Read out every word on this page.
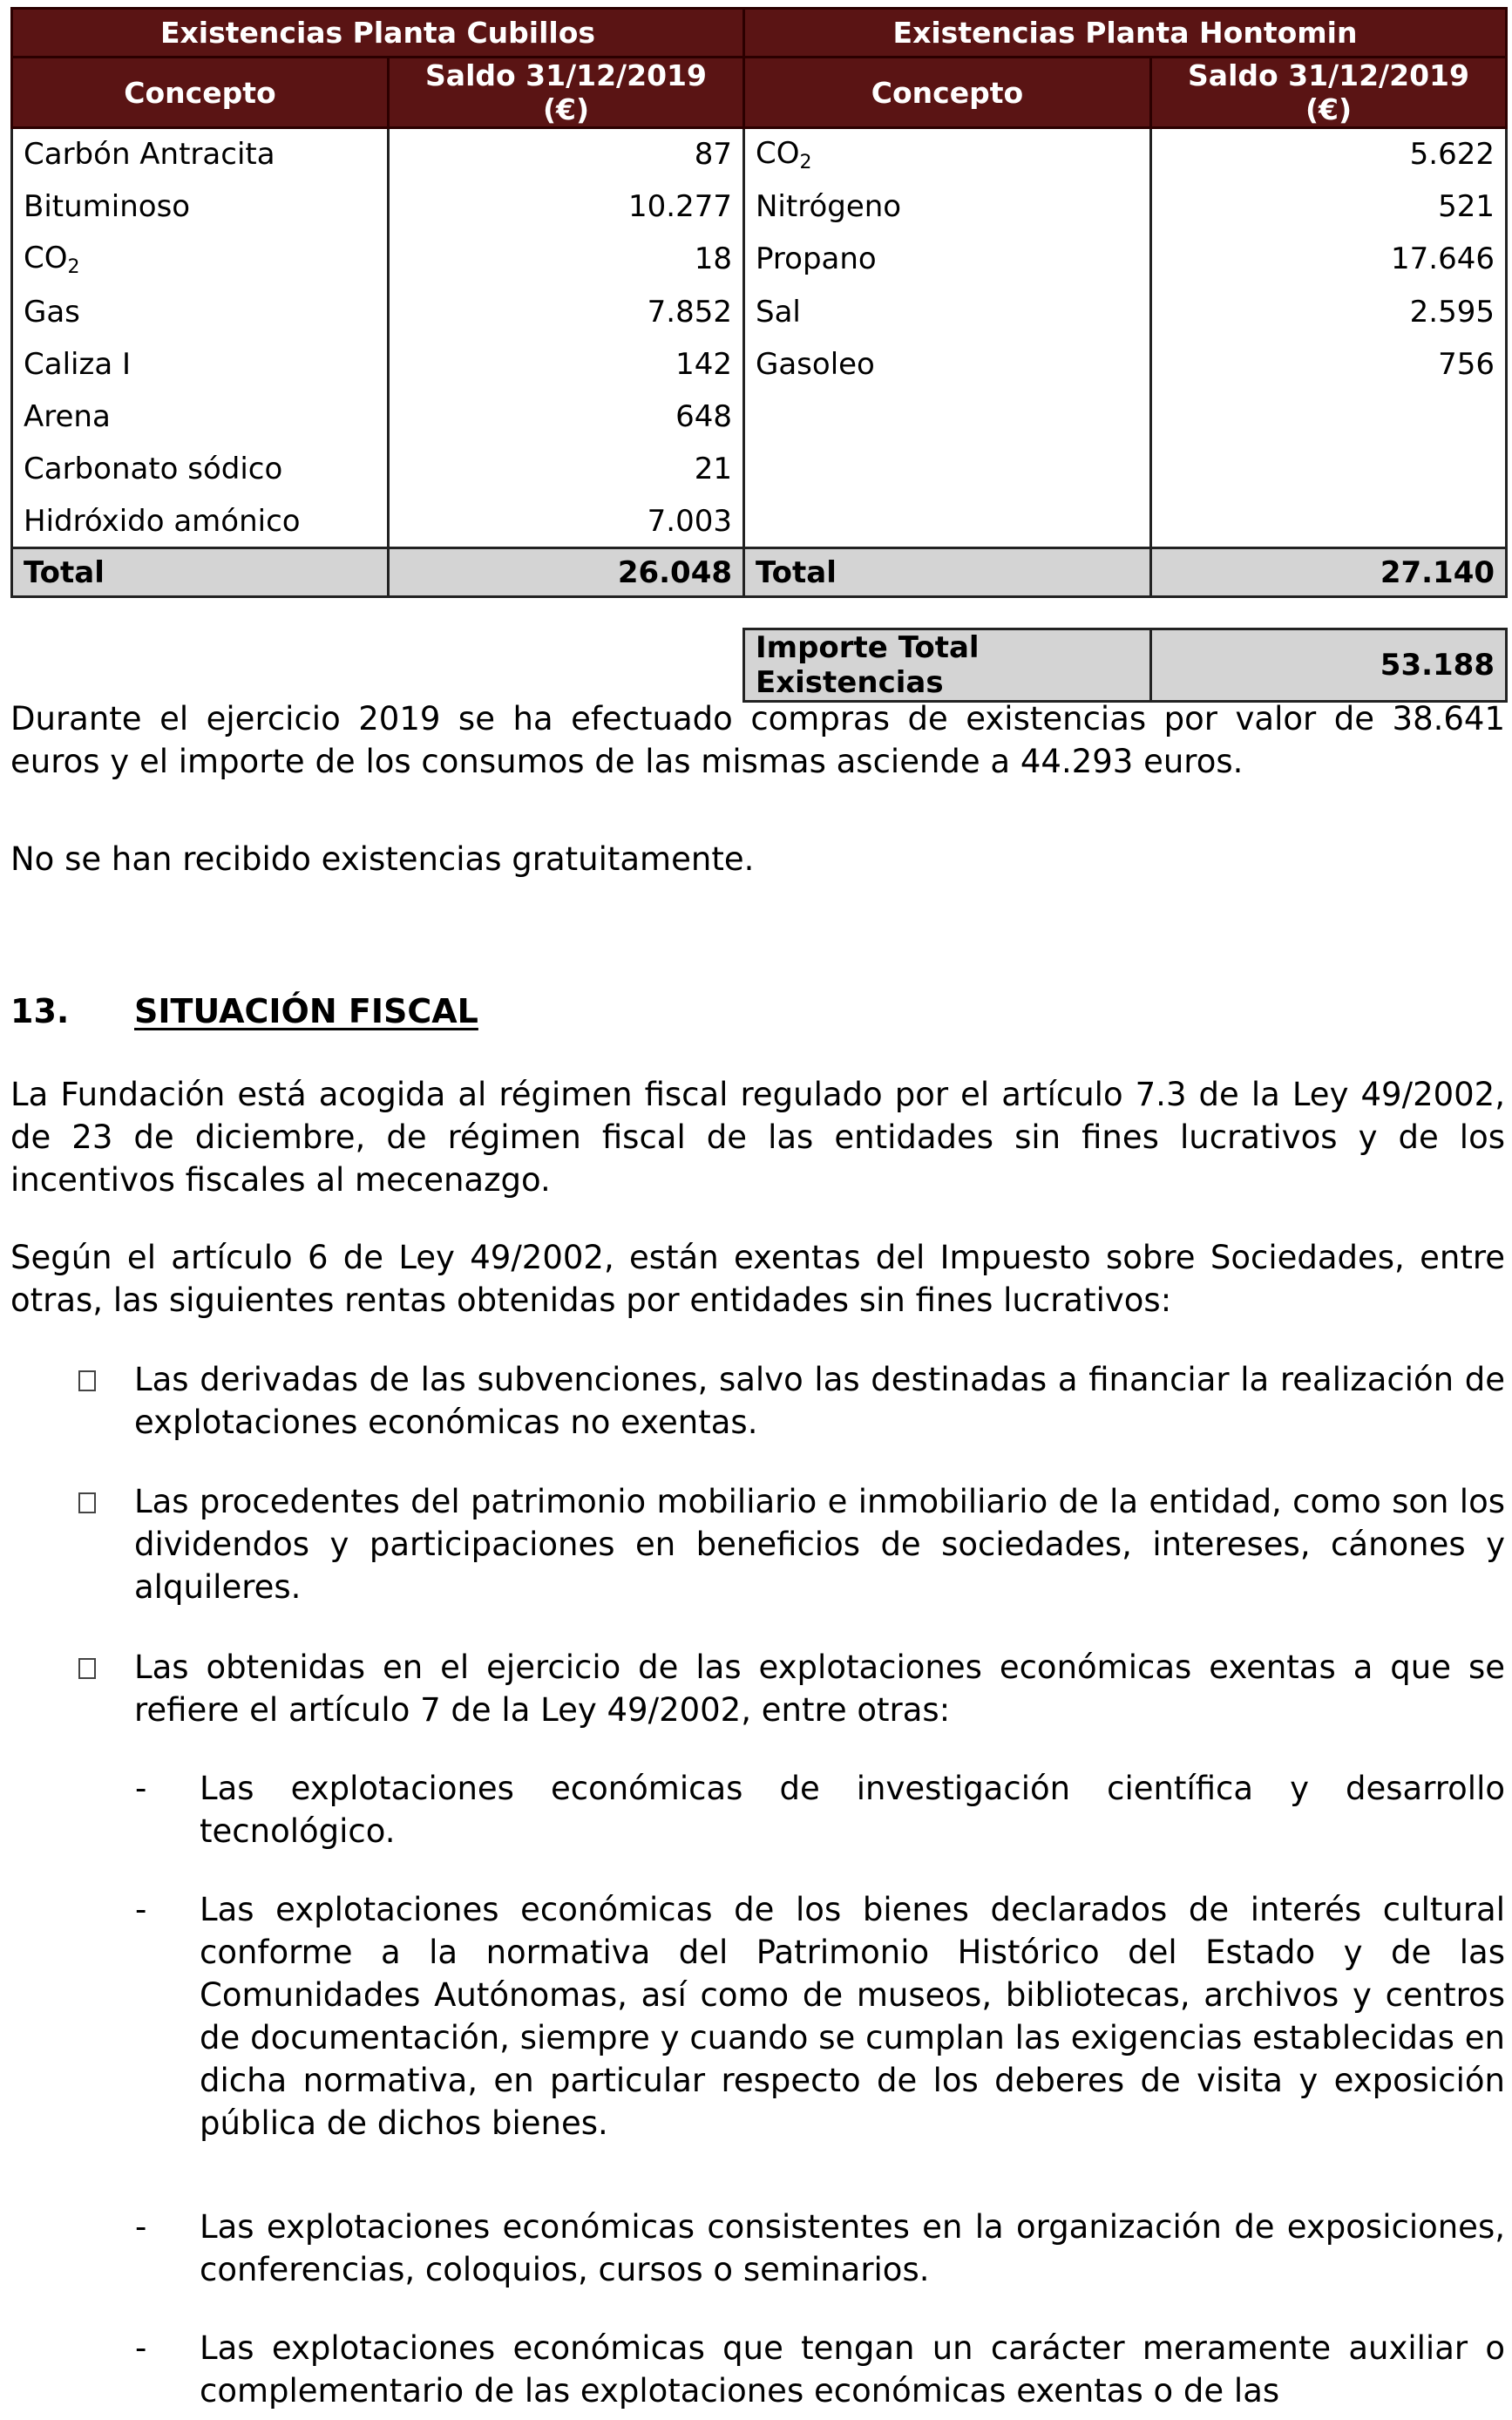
Existencias Planta Cubillos	
Concepto	Saldo 31/12/2019 (€)
Carbón Antracita	87
Bituminoso	10.277
$CO_2$	18
Gas	7.852
Caliza I	142
Arena	648
Carbonato sódico	21
Hidróxido amónico	7.003
Total	26.048
Existencias Planta Hontomin	
Concepto	Saldo 31/12/2019 (€)
$CO_2$	5.622
Nitrógeno	521
Propano	17.646
Sal	2.595
Gasoleo	756

Total	27.140
Importe Total Existencias	53.188

Durante el ejercicio 2019 se ha efectuado compras de existencias por valor de 38.641 euros y el importe de los consumos de las mismas asciende a 44.293 euros.

No se han recibido existencias gratuitamente.

13. SITUACIÓN FISCAL

La Fundación está acogida al régimen fiscal regulado por el artículo 7.3 de la Ley 49/2002, de 23 de diciembre, de régimen fiscal de las entidades sin fines lucrativos y de los incentivos fiscales al mecenazgo.

Según el artículo 6 de Ley 49/2002, están exentas del Impuesto sobre Sociedades, entre otras, las siguientes rentas obtenidas por entidades sin fines lucrativos:

Las derivadas de las subvenciones, salvo las destinadas a financiar la realización de explotaciones económicas no exentas.
Las procedentes del patrimonio mobiliario e inmobiliario de la entidad, como son los dividendos y participaciones en beneficios de sociedades, intereses, cánones y alquileres.
Las obtenidas en el ejercicio de las explotaciones económicas exentas a que se refiere el artículo 7 de la Ley 49/2002, entre otras:
- Las explotaciones económicas de investigación científica y desarrollo tecnológico.
- Las explotaciones económicas de los bienes declarados de interés cultural conforme a la normativa del Patrimonio Histórico del Estado y de las Comunidades Autónomas, así como de museos, bibliotecas, archivos y centros de documentación, siempre y cuando se cumplan las exigencias establecidas en dicha normativa, en particular respecto de los deberes de visita y exposición pública de dichos bienes.
- Las explotaciones económicas consistentes en la organización de exposiciones, conferencias, coloquios, cursos o seminarios.
- Las explotaciones económicas que tengan un carácter meramente auxiliar o complementario de las explotaciones económicas exentas o de las
